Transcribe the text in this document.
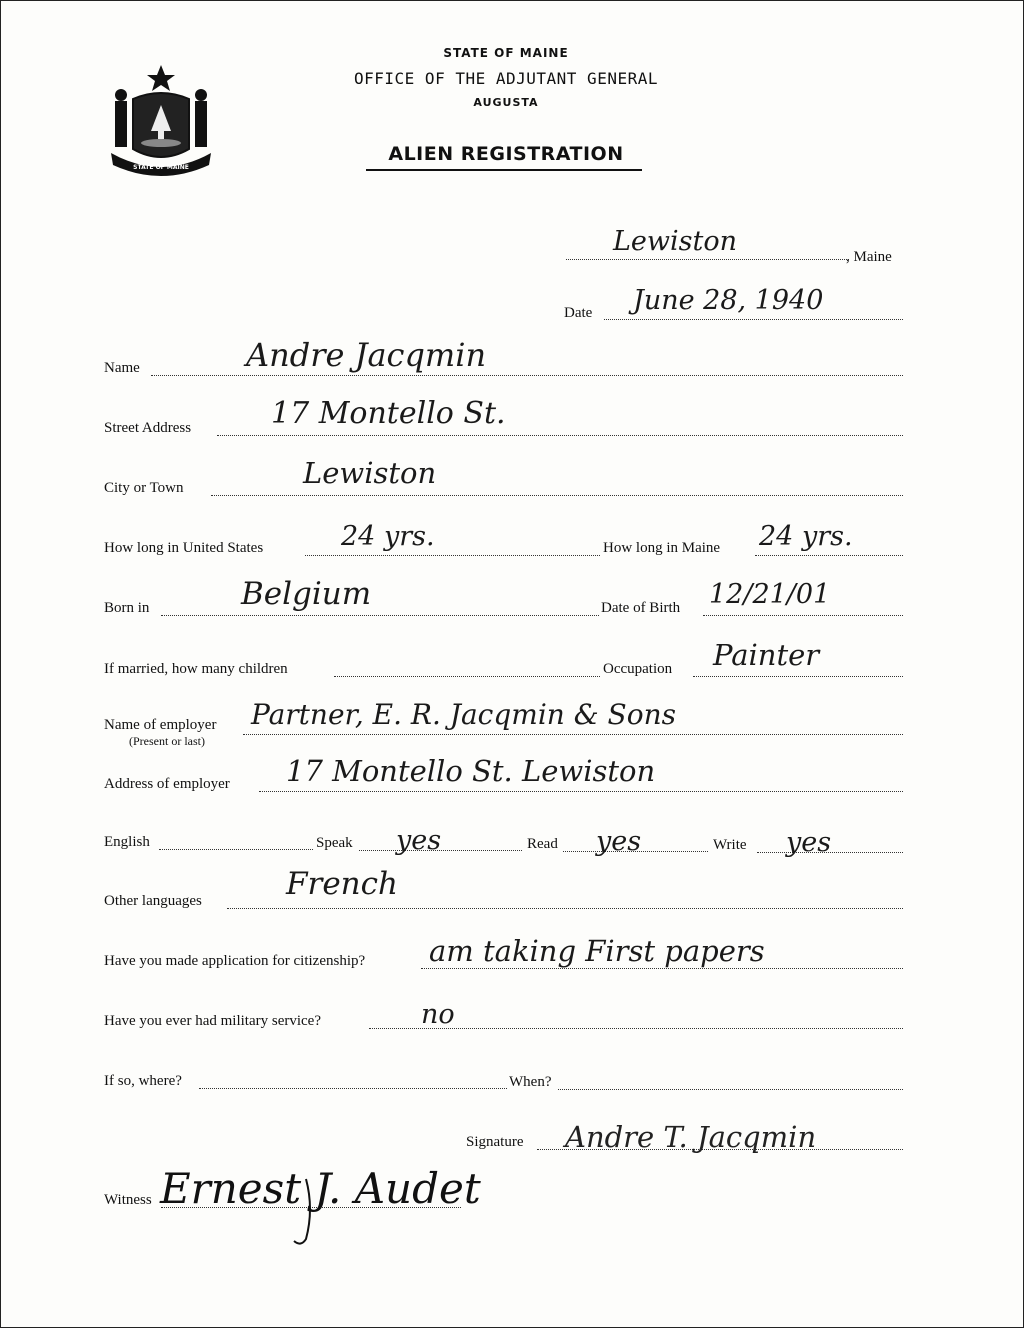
STATE OF MAINE
STATE OF MAINE
OFFICE OF THE ADJUTANT GENERAL
AUGUSTA
ALIEN REGISTRATION
Lewiston	, Maine
Date June 28, 1940
Name	Andre Jacqmin
Street Address	17 Montello St.
City or Town	Lewiston
How long in United States	24 yrs.	How long in Maine 24 yrs.
Born in	Belgium	Date of Birth 12/21/01
If married, how many children	Occupation Painter
Name of employer
(Present or last)
Partner, E. R. Jacqmin & Sons
Address of employer 17 Montello St. Lewiston
English	Speak yes	Read yes	Write yes
Other languages	French
Have you made application for citizenship? am taking First papers
Have you ever had military service?	no
If so, where?	When?
Signature Andre T. Jacqmin
Witness Ernest J. Audet
